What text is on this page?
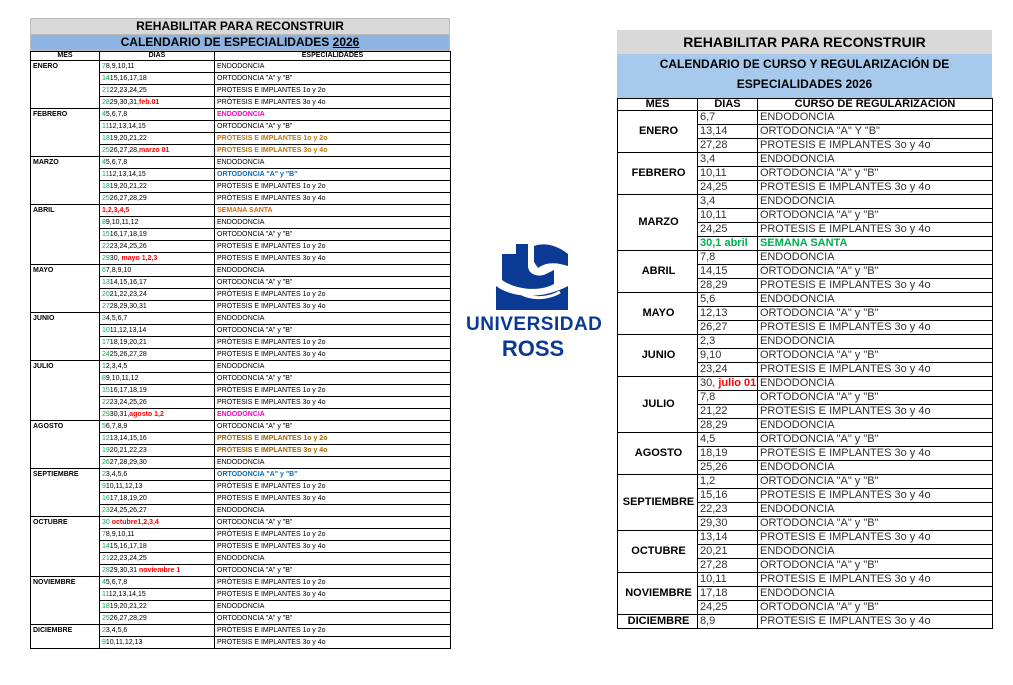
REHABILITAR PARA RECONSTRUIR
CALENDARIO DE ESPECIALIDADES 2026
MES	DIAS	ESPECIALIDADES
ENERO	78,9,10,11	ENDODONCIA
	1415,16,17,18	ORTODONCIA "A" y "B"
	2122,23,24,25	PRÓTESIS E IMPLANTES 1o y 2o
	2829,30,31,feb.01	PRÓTESIS E IMPLANTES 3o y 4o
FEBRERO	45,6,7,8	ENDODONCIA
	1112,13,14,15	ORTODONCIA "A" y "B"
	1819,20,21,22	PRÓTESIS E IMPLANTES 1o y 2o
	2526,27,28,marzo 01	PROTESIS E IMPLANTES 3o y 4o
MARZO	45,6,7,8	ENDODONCIA
	1112,13,14,15	ORTODONCIA "A" y "B"
	1819,20,21,22	PRÓTESIS E IMPLANTES 1o y 2o
	2526,27,28,29	PRÓTESIS E IMPLANTES 3o y 4o
ABRIL	1,2,3,4,5	SEMANA SANTA
	89,10,11,12	ENDODONCIA
	1516,17,18,19	ORTODONCIA "A" y "B"
	2223,24,25,26	PROTESIS E IMPLANTES 1o y 2o
	2930, mayo 1,2,3	PROTESIS E IMPLANTES 3o y 4o
MAYO	67,8,9,10	ENDODONCIA
	1314,15,16,17	ORTODONCIA "A" y "B"
	2021,22,23,24	PRÓTESIS E IMPLANTES 1o y 2o
	2728,29,30,31	PRÓTESIS E IMPLANTES 3o y 4o
JUNIO	34,5,6,7	ENDODONCIA
	1011,12,13,14	ORTODONCIA "A" y "B"
	1718,19,20,21	PRÓTESIS E IMPLANTES 1o y 2o
	2425,26,27,28	PRÓTESIS E IMPLANTES 3o y 4o
JULIO	12,3,4,5	ENDODONCIA
	89,10,11,12	ORTODONCIA "A" y "B"
	1516,17,18,19	PRÓTESIS E IMPLANTES 1o y 2o
	2223,24,25,26	PRÓTESIS E IMPLANTES 3o y 4o
	2930,31,agosto 1,2	ENDODONCIA
AGOSTO	56,7,8,9	ORTODONCIA "A" y "B"
	1213,14,15,16	PRÓTESIS E IMPLANTES 1o y 2o
	1920,21,22,23	PRÓTESIS E IMPLANTES 3o y 4o
	2627,28,29,30	ENDODONCIA
SEPTIEMBRE	23,4,5,6	ORTODONCIA "A" y "B"
	910,11,12,13	PRÓTESIS E IMPLANTES 1o y 2o
	1617,18,19,20	PRÓTESIS E IMPLANTES 3o y 4o
	2324,25,26,27	ENDODONCIA
OCTUBRE	30 octubre1,2,3,4	ORTODONCIA "A" y "B"
	78,9,10,11	PRÓTESIS E IMPLANTES 1o y 2o
	1415,16,17,18	PRÓTESIS E IMPLANTES 3o y 4o
	2122,23,24,25	ENDODONCIA
	2829,30,31 noviembre 1	ORTODONCIA "A" y "B"
NOVIEMBRE	45,6,7,8	PRÓTESIS E IMPLANTES 1o y 2o
	1112,13,14,15	PRÓTESIS E IMPLANTES 3o y 4o
	1819,20,21,22	ENDODONCIA
	2526,27,28,29	ORTODONCIA "A" y "B"
DICIEMBRE	23,4,5,6	PRÓTESIS E IMPLANTES 1o y 2o
	910,11,12,13	PRÓTESIS E IMPLANTES 3o y 4o
UNIVERSIDAD
ROSS
REHABILITAR PARA RECONSTRUIR
CALENDARIO DE CURSO Y REGULARIZACIÓN DE
ESPECIALIDADES 2026
MES	DIAS	CURSO DE REGULARIZACION
ENERO	6,7	ENDODONCIA
	13,14	ORTODONCIA "A" Y "B"
	27,28	PROTESIS E IMPLANTES 3o y 4o
FEBRERO	3,4	ENDODONCIA
	10,11	ORTODONCIA "A" y "B"
	24,25	PROTESIS E IMPLANTES 3o y 4o
MARZO	3,4	ENDODONCIA
	10,11	ORTODONCIA "A" y "B"
	24,25	PROTESIS E IMPLANTES 3o y 4o
	30,1 abril	SEMANA SANTA
ABRIL	7,8	ENDODONCIA
	14,15	ORTODONCIA "A" y "B"
	28,29	PROTESIS E IMPLANTES 3o y 4o
MAYO	5,6	ENDODONCIA
	12,13	ORTODONCIA "A" y "B"
	26,27	PROTESIS E IMPLANTES 3o y 4o
JUNIO	2,3	ENDODONCIA
	9,10	ORTODONCIA "A" y "B"
	23,24	PROTESIS E IMPLANTES 3o y 4o
JULIO	30, julio 01	ENDODONCIA
	7,8	ORTODONCIA "A" y "B"
	21,22	PROTESIS E IMPLANTES 3o y 4o
	28,29	ENDODONCIA
AGOSTO	4,5	ORTODONCIA "A" y "B"
	18,19	PROTESIS E IMPLANTES 3o y 4o
	25,26	ENDODONCIA
SEPTIEMBRE	1,2	ORTODONCIA "A" y "B"
	15,16	PROTESIS E IMPLANTES 3o y 4o
	22,23	ENDODONCIA
	29,30	ORTODONCIA "A" y "B"
OCTUBRE	13,14	PROTESIS E IMPLANTES 3o y 4o
	20,21	ENDODONCIA
	27,28	ORTODONCIA "A" y "B"
NOVIEMBRE	10,11	PROTESIS E IMPLANTES 3o y 4o
	17,18	ENDODONCIA
	24,25	ORTODONCIA "A" y "B"
DICIEMBRE	8,9	PROTESIS E IMPLANTES 3o y 4o
